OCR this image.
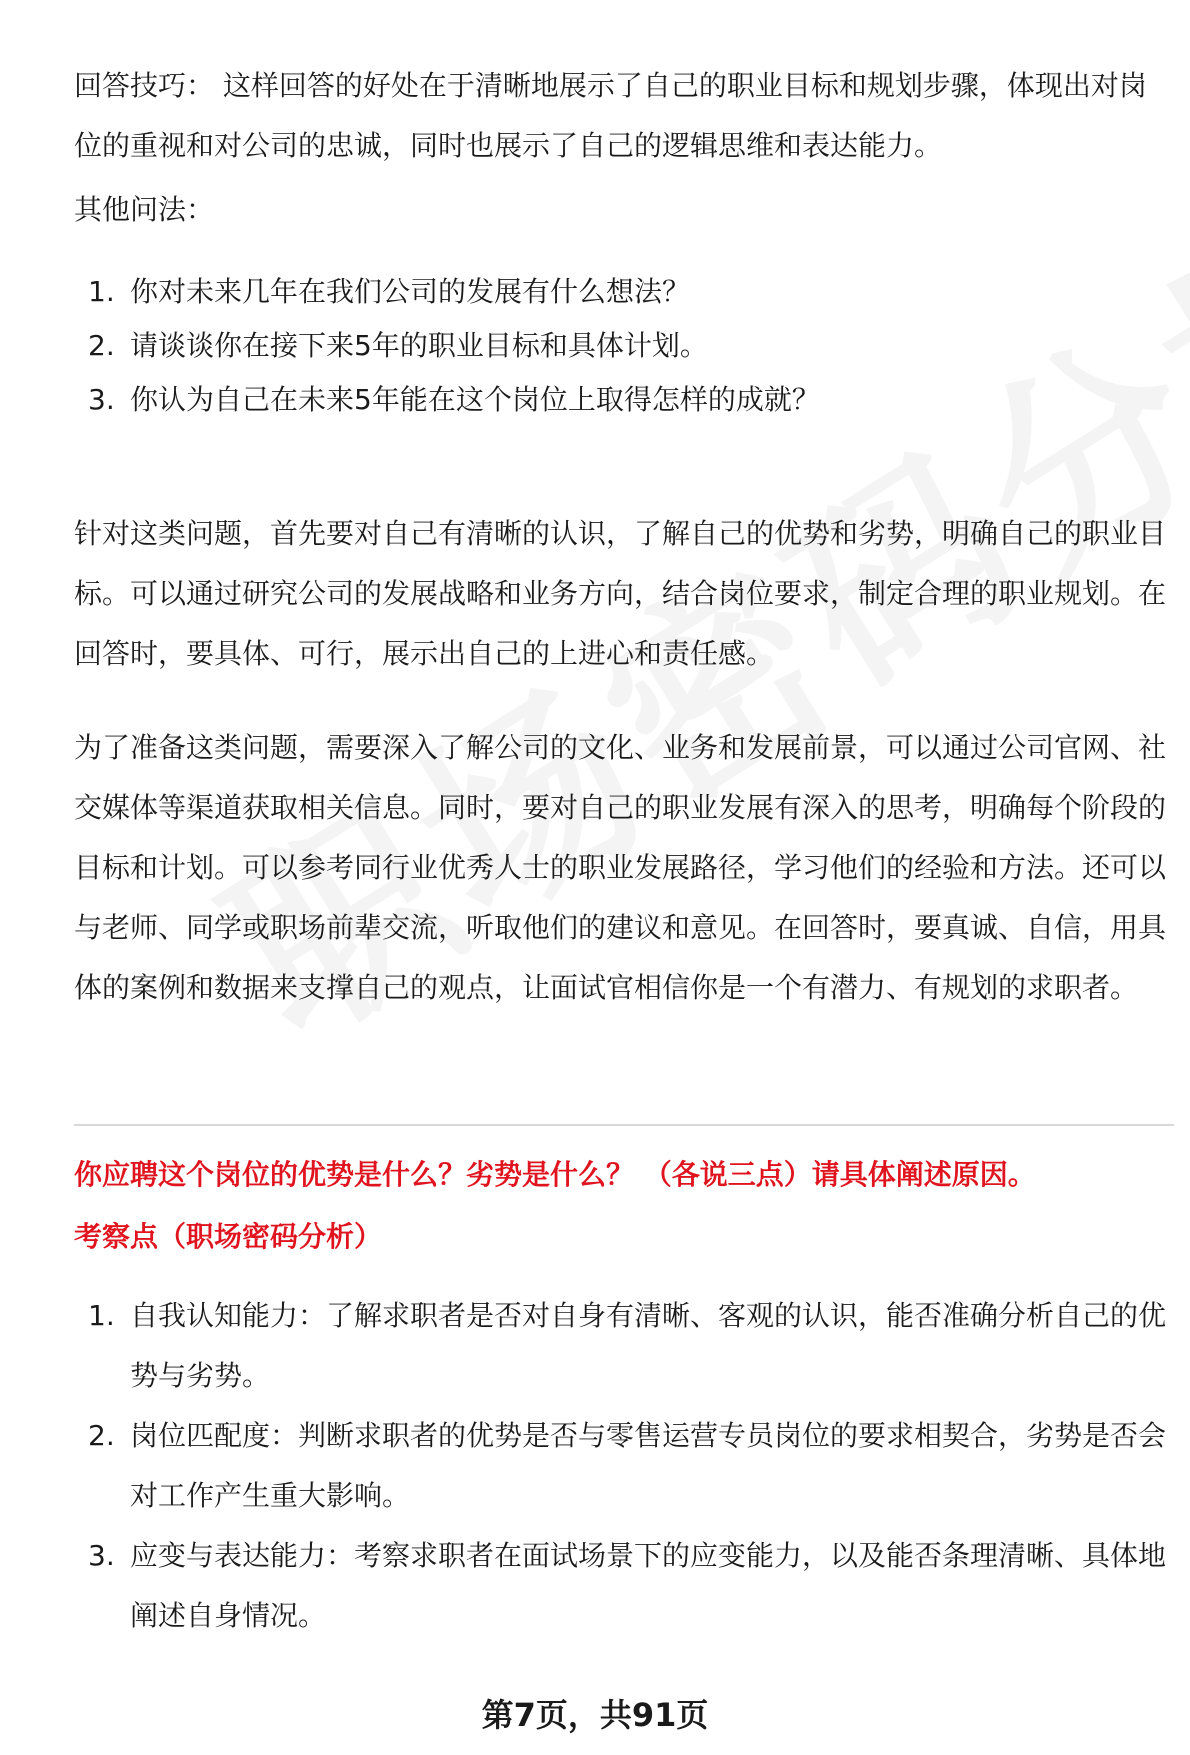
回答技巧： 这样回答的好处在于清晰地展示了自己的职业目标和规划步骤，体现出对岗位的重视和对公司的忠诚，同时也展示了自己的逻辑思维和表达能力。

其他问法：

1. 你对未来几年在我们公司的发展有什么想法？
2. 请谈谈你在接下来5年的职业目标和具体计划。
3. 你认为自己在未来5年能在这个岗位上取得怎样的成就？

针对这类问题，首先要对自己有清晰的认识，了解自己的优势和劣势，明确自己的职业目标。可以通过研究公司的发展战略和业务方向，结合岗位要求，制定合理的职业规划。在回答时，要具体、可行，展示出自己的上进心和责任感。

为了准备这类问题，需要深入了解公司的文化、业务和发展前景，可以通过公司官网、社交媒体等渠道获取相关信息。同时，要对自己的职业发展有深入的思考，明确每个阶段的目标和计划。可以参考同行业优秀人士的职业发展路径，学习他们的经验和方法。还可以与老师、同学或职场前辈交流，听取他们的建议和意见。在回答时，要真诚、自信，用具体的案例和数据来支撑自己的观点，让面试官相信你是一个有潜力、有规划的求职者。

你应聘这个岗位的优势是什么？劣势是什么？ （各说三点）请具体阐述原因。
考察点（职场密码分析）
1. 自我认知能力：了解求职者是否对自身有清晰、客观的认识，能否准确分析自己的优势与劣势。
2. 岗位匹配度：判断求职者的优势是否与零售运营专员岗位的要求相契合，劣势是否会对工作产生重大影响。
3. 应变与表达能力：考察求职者在面试场景下的应变能力，以及能否条理清晰、具体地阐述自身情况。
第7页，共91页
